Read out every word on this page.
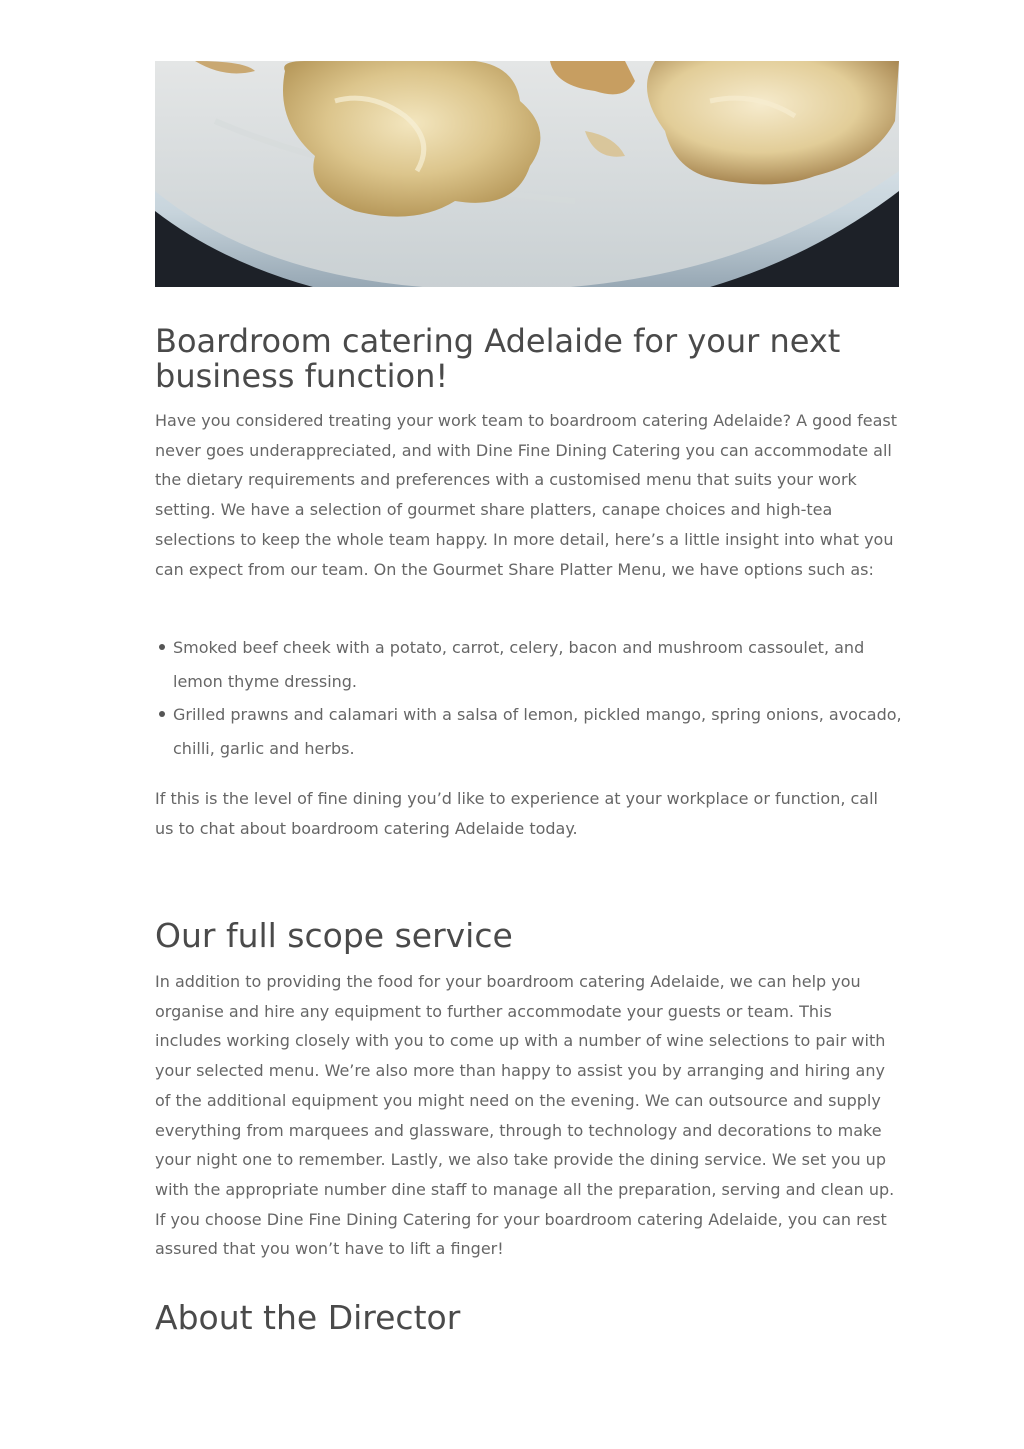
Boardroom catering Adelaide for your next business function!

Have you considered treating your work team to boardroom catering Adelaide? A good feast never goes underappreciated, and with Dine Fine Dining Catering you can accommodate all the dietary requirements and preferences with a customised menu that suits your work setting. We have a selection of gourmet share platters, canape choices and high-tea selections to keep the whole team happy. In more detail, here’s a little insight into what you can expect from our team. On the Gourmet Share Platter Menu, we have options such as:

Smoked beef cheek with a potato, carrot, celery, bacon and mushroom cassoulet, and lemon thyme dressing.
Grilled prawns and calamari with a salsa of lemon, pickled mango, spring onions, avocado, chilli, garlic and herbs.

If this is the level of fine dining you’d like to experience at your workplace or function, call us to chat about boardroom catering Adelaide today.

Our full scope service

In addition to providing the food for your boardroom catering Adelaide, we can help you organise and hire any equipment to further accommodate your guests or team. This includes working closely with you to come up with a number of wine selections to pair with your selected menu. We’re also more than happy to assist you by arranging and hiring any of the additional equipment you might need on the evening. We can outsource and supply everything from marquees and glassware, through to technology and decorations to make your night one to remember. Lastly, we also take provide the dining service. We set you up with the appropriate number dine staff to manage all the preparation, serving and clean up. If you choose Dine Fine Dining Catering for your boardroom catering Adelaide, you can rest assured that you won’t have to lift a finger!

About the Director
